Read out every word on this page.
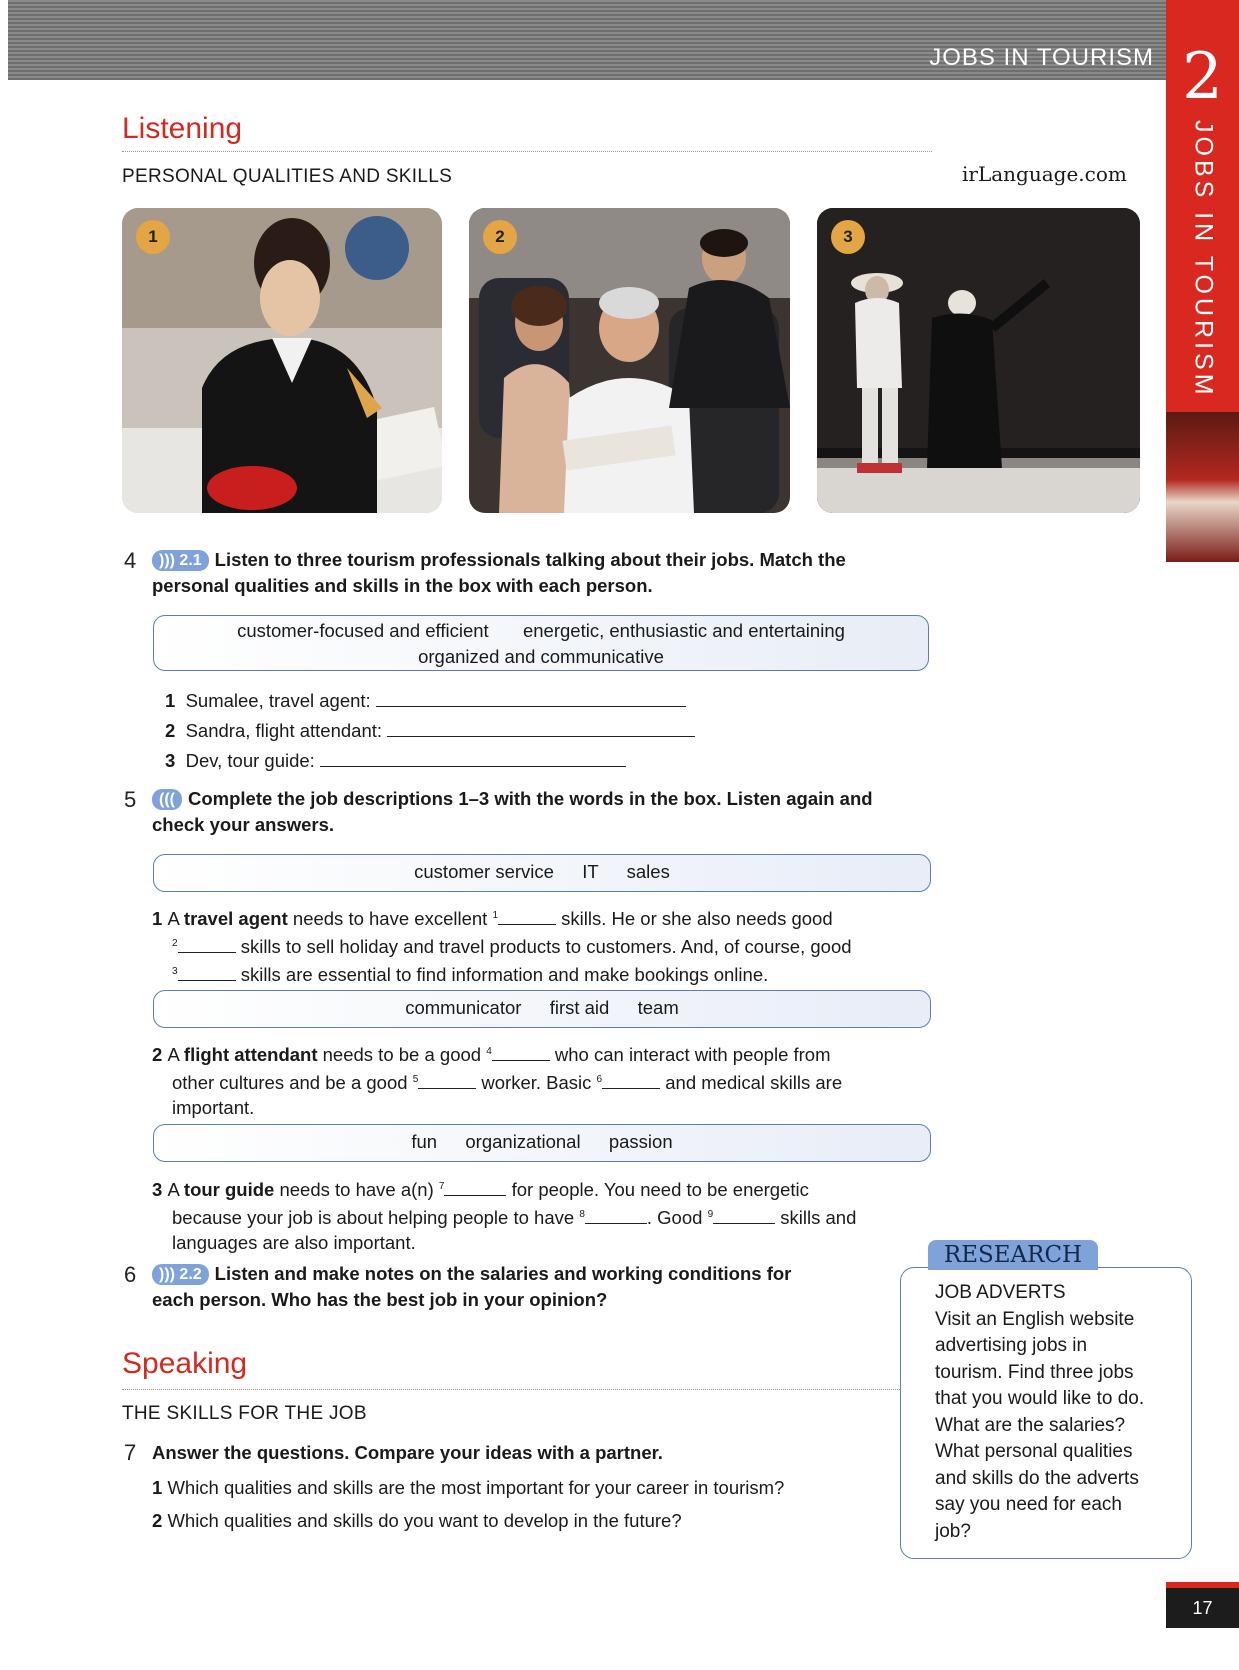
JOBS IN TOURISM 2
JOBS IN TOURISM
Listening
PERSONAL QUALITIES AND SKILLS	irLanguage.com
1	2	3
4	))) 2.1 Listen to three tourism professionals talking about their jobs. Match the personal qualities and skills in the box with each person.
customer-focused and efficient energetic, enthusiastic and entertaining
organized and communicative
1 Sumalee, travel agent:
2 Sandra, flight attendant:
3 Dev, tour guide:
5	((( Complete the job descriptions 1–3 with the words in the box. Listen again and check your answers.
customer service IT sales
1 A travel agent needs to have excellent $^1$	skills. He or she also needs good
$^2$	skills to sell holiday and travel products to customers. And, of course, good
$^3$	skills are essential to find information and make bookings online.
communicator first aid team
2 A flight attendant needs to be a good $^4$	who can interact with people from
other cultures and be a good $^5$	worker. Basic $^6$	and medical skills are
important.
fun organizational passion
3 A tour guide needs to have a(n) $^7$	for people. You need to be energetic
because your job is about helping people to have $^8$	. Good $^9$	skills and
languages are also important.
6	))) 2.2 Listen and make notes on the salaries and working conditions for each person. Who has the best job in your opinion?
Speaking
THE SKILLS FOR THE JOB
7 Answer the questions. Compare your ideas with a partner.
1 Which qualities and skills are the most important for your career in tourism?
2 Which qualities and skills do you want to develop in the future?
JOB ADVERTS
Visit an English website
advertising jobs in
tourism. Find three jobs
that you would like to do.
What are the salaries?
What personal qualities
and skills do the adverts
say you need for each
job?
RESEARCH
17
